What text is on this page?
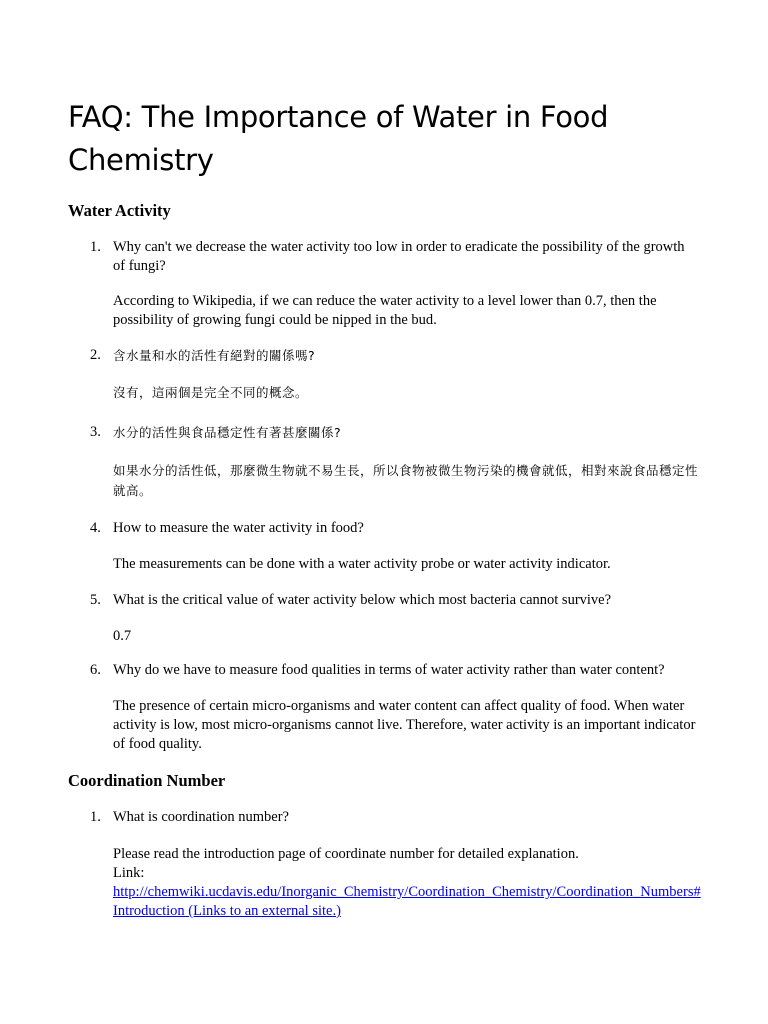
FAQ: The Importance of Water in Food Chemistry
Water Activity
1. Why can't we decrease the water activity too low in order to eradicate the possibility of the growth of fungi?
According to Wikipedia, if we can reduce the water activity to a level lower than 0.7, then the possibility of growing fungi could be nipped in the bud.
2. 含水量和水的活性有絕對的關係嗎?
沒有，這兩個是完全不同的概念。
3. 水分的活性與食品穩定性有著甚麼關係?
如果水分的活性低，那麼微生物就不易生長，所以食物被微生物污染的機會就低，相對來說食品穩定性就高。
4. How to measure the water activity in food?
The measurements can be done with a water activity probe or water activity indicator.
5. What is the critical value of water activity below which most bacteria cannot survive?
0.7
6. Why do we have to measure food qualities in terms of water activity rather than water content?
The presence of certain micro-organisms and water content can affect quality of food. When water activity is low, most micro-organisms cannot live. Therefore, water activity is an important indicator of food quality.
Coordination Number
1. What is coordination number?
Please read the introduction page of coordinate number for detailed explanation.
Link:
http://chemwiki.ucdavis.edu/Inorganic_Chemistry/Coordination_Chemistry/Coordination_Numbers#Introduction (Links to an external site.)
